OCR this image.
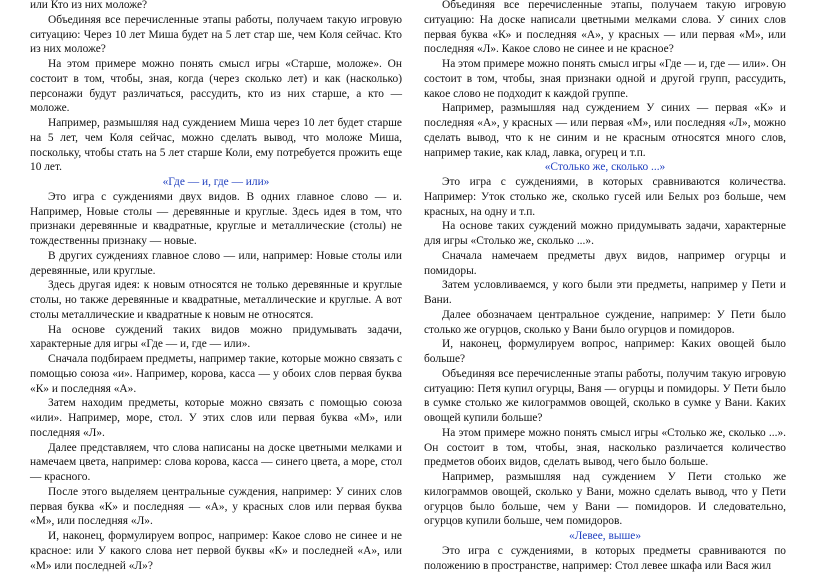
или Кто из них моложе?

Объединяя все перечисленные этапы работы, получаем такую игровую ситуацию: Через 10 лет Миша будет на 5 лет стар ше, чем Коля сейчас. Кто из них моложе?

На этом примере можно понять смысл игры «Старше, моложе». Он состоит в том, чтобы, зная, когда (через сколько лет) и как (насколько) персонажи будут различаться, рассудить, кто из них старше, а кто — моложе.

Например, размышляя над суждением Миша через 10 лет будет старше на 5 лет, чем Коля сейчас, можно сделать вывод, что моложе Миша, поскольку, чтобы стать на 5 лет старше Коли, ему потребуется прожить еще 10 лет.

«Где — и, где — или»

Это игра с суждениями двух видов. В одних главное слово — и. Например, Новые столы — деревянные и круглые. Здесь идея в том, что признаки деревянные и квадратные, круглые и металлические (столы) не тождественны признаку — новые.

В других суждениях главное слово — или, например: Новые столы или деревянные, или круглые.

Здесь другая идея: к новым относятся не только деревянные и круглые столы, но также деревянные и квадратные, металлические и круглые. А вот столы металлические и квадратные к новым не относятся.

На основе суждений таких видов можно придумывать задачи, характерные для игры «Где — и, где — или».

Сначала подбираем предметы, например такие, которые можно связать с помощью союза «и». Например, корова, касса — у обоих слов первая буква «К» и последняя «А».

Затем находим предметы, которые можно связать с помощью союза «или». Например, море, стол. У этих слов или первая буква «М», или последняя «Л».

Далее представляем, что слова написаны на доске цветными мелками и намечаем цвета, например: слова корова, касса — синего цвета, а море, стол — красного.

После этого выделяем центральные суждения, например: У синих слов первая буква «К» и последняя — «А», у красных слов или первая буква «М», или последняя «Л».

И, наконец, формулируем вопрос, например: Какое слово не синее и не красное: или У какого слова нет первой буквы «К» и последней «А», или «М» или последней «Л»?

Объединяя все перечисленные этапы, получаем такую игровую ситуацию: На доске написали цветными мелками слова. У синих слов первая буква «К» и последняя «А», у красных — или первая «М», или последняя «Л». Какое слово не синее и не красное?

На этом примере можно понять смысл игры «Где — и, где — или». Он состоит в том, чтобы, зная признаки одной и другой групп, рассудить, какое слово не подходит к каждой группе.

Например, размышляя над суждением У синих — первая «К» и последняя «А», у красных — или первая «М», или последняя «Л», можно сделать вывод, что к не синим и не красным относятся много слов, например такие, как клад, лавка, огурец и т.п.

«Столько же, сколько ...»

Это игра с суждениями, в которых сравниваются количества. Например: Уток столько же, сколько гусей или Белых роз больше, чем красных, на одну и т.п.

На основе таких суждений можно придумывать задачи, характерные для игры «Столько же, сколько ...».

Сначала намечаем предметы двух видов, например огурцы и помидоры.

Затем условливаемся, у кого были эти предметы, например у Пети и Вани.

Далее обозначаем центральное суждение, например: У Пети было столько же огурцов, сколько у Вани было огурцов и помидоров.

И, наконец, формулируем вопрос, например: Каких овощей было больше?

Объединяя все перечисленные этапы работы, получим такую игровую ситуацию: Петя купил огурцы, Ваня — огурцы и помидоры. У Пети было в сумке столько же килограммов овощей, сколько в сумке у Вани. Каких овощей купили больше?

На этом примере можно понять смысл игры «Столько же, сколько ...». Он состоит в том, чтобы, зная, насколько различается количество предметов обоих видов, сделать вывод, чего было больше.

Например, размышляя над суждением У Пети столько же килограммов овощей, сколько у Вани, можно сделать вывод, что у Пети огурцов было больше, чем у Вани — помидоров. И следовательно, огурцов купили больше, чем помидоров.

«Левее, выше»

Это игра с суждениями, в которых предметы сравниваются по положению в пространстве, например: Стол левее шкафа или Вася жил
